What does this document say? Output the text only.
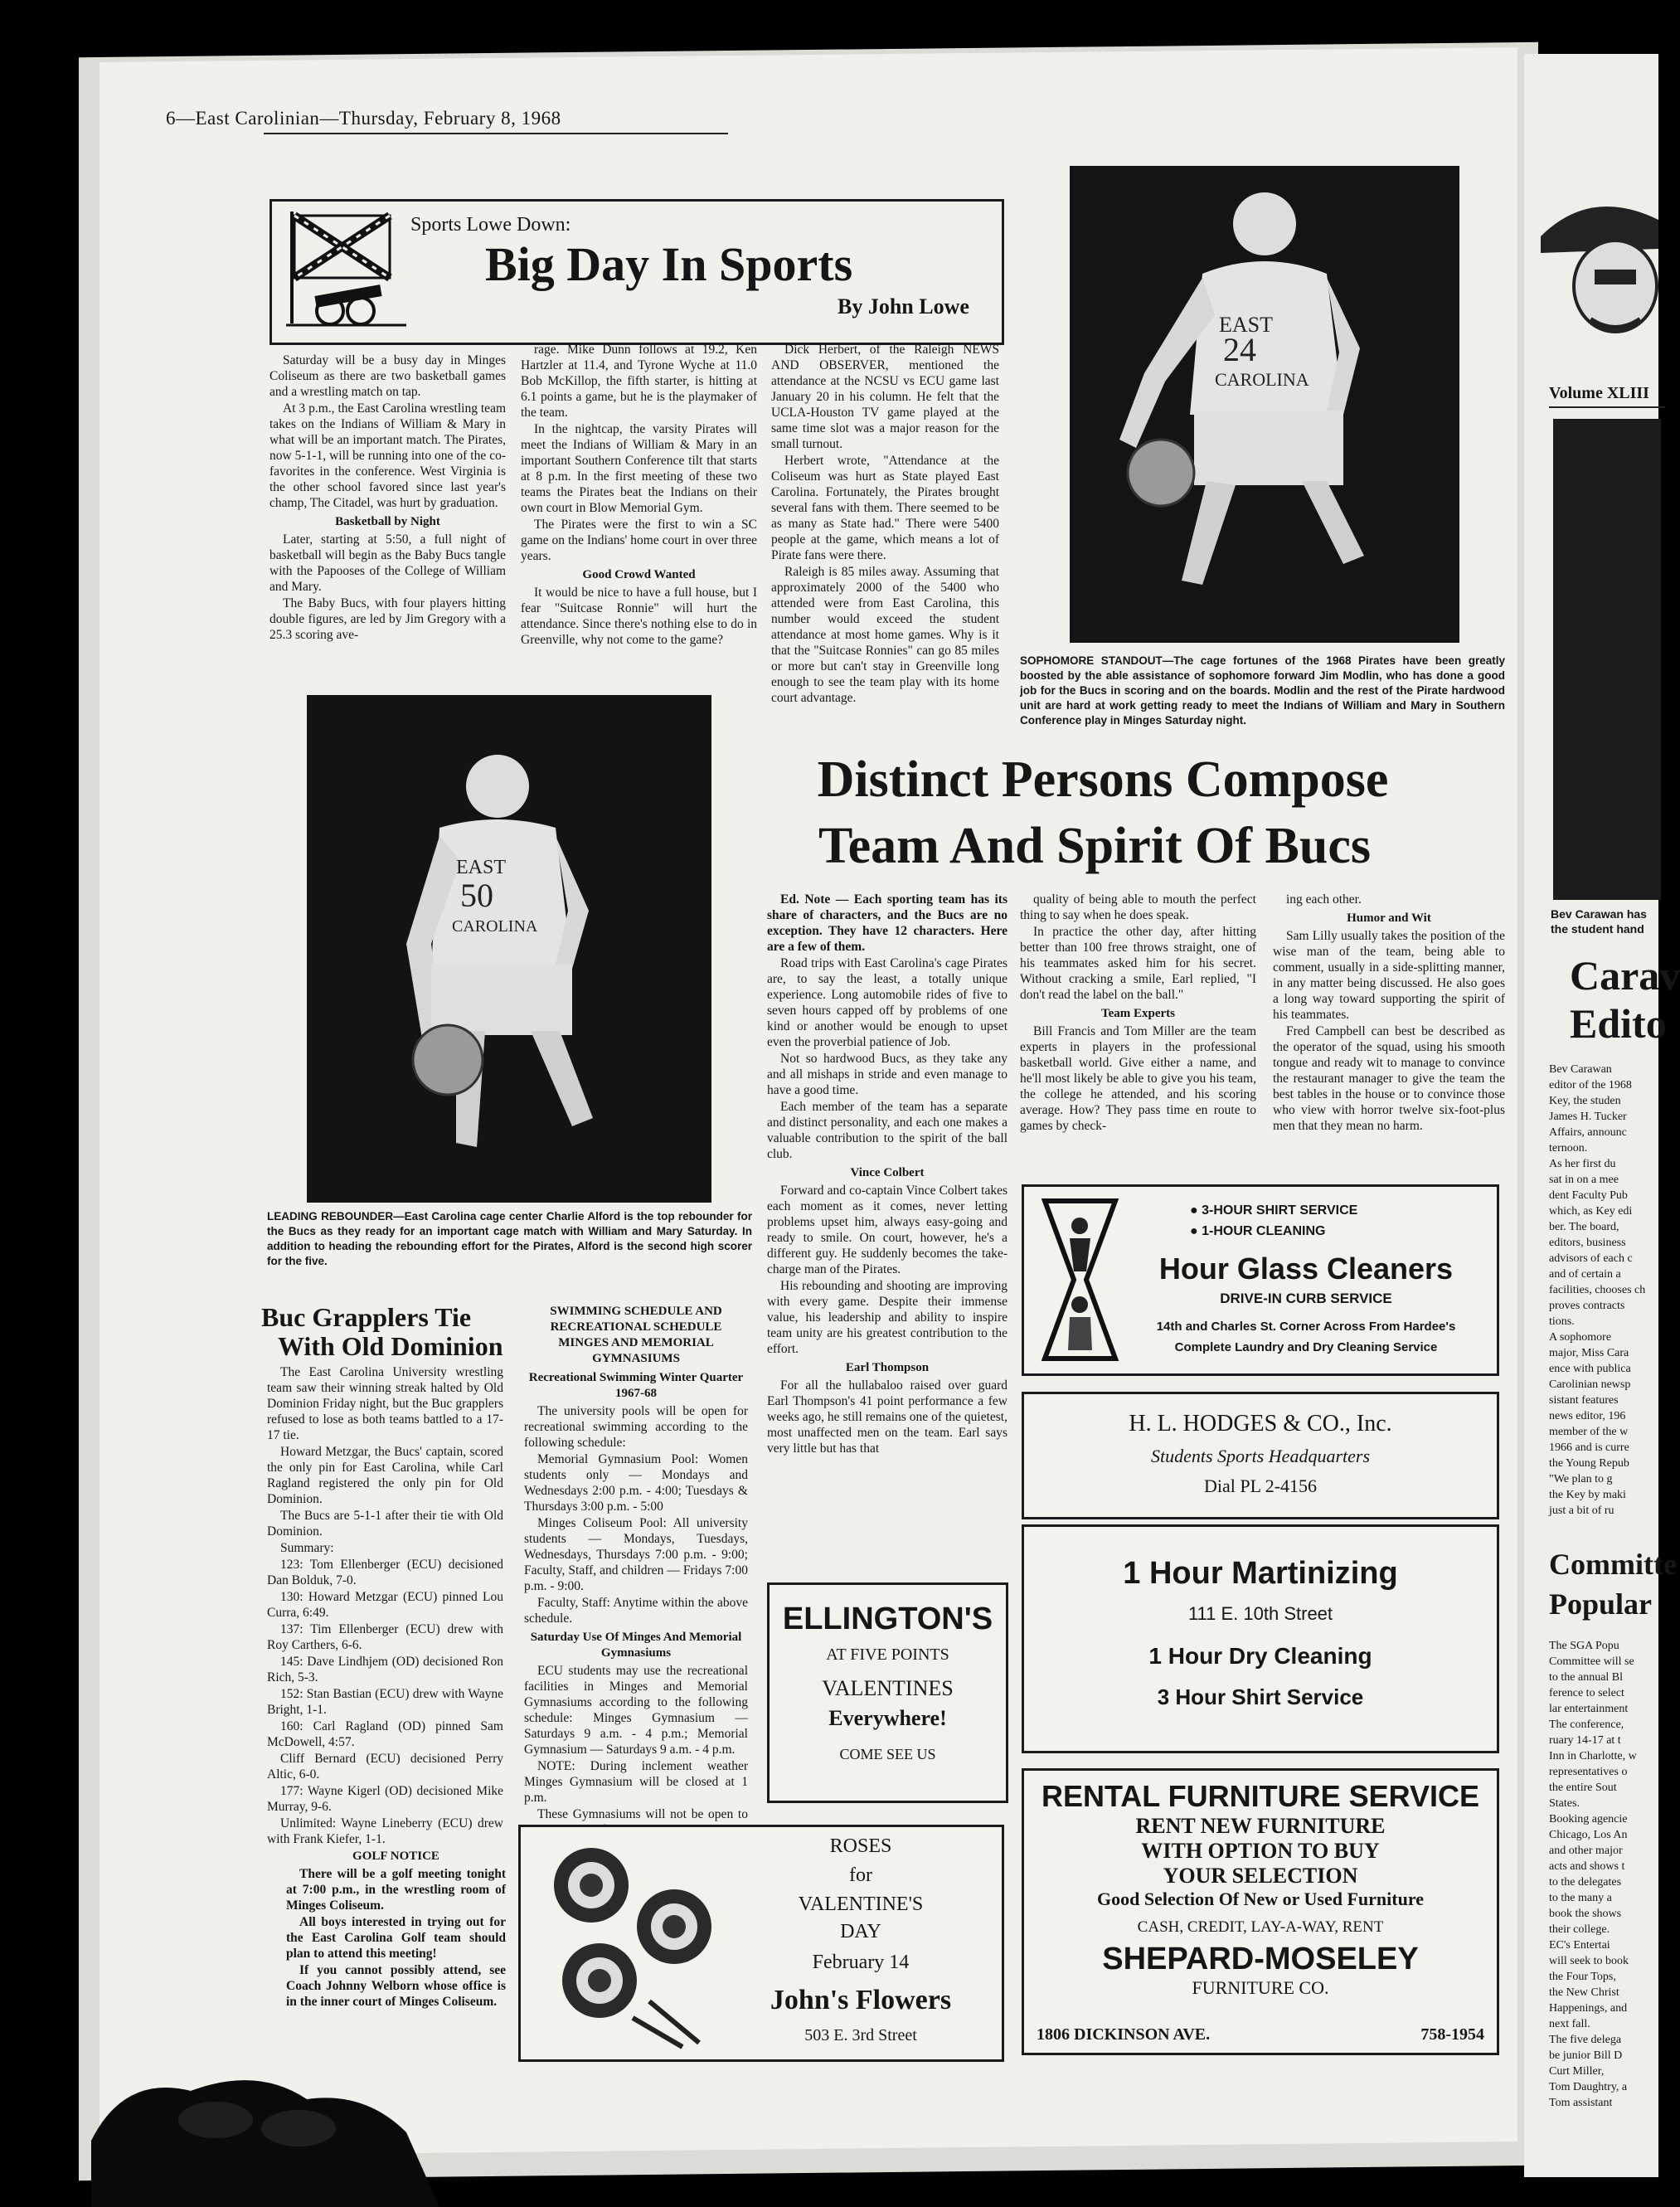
6—East Carolinian—Thursday, February 8, 1968
Sports Lowe Down:
Big Day In Sports
By John Lowe

Saturday will be a busy day in Minges Coliseum as there are two basketball games and a wrestling match on tap.

At 3 p.m., the East Carolina wrestling team takes on the Indians of William & Mary in what will be an important match. The Pirates, now 5-1-1, will be running into one of the co-favorites in the conference. West Virginia is the other school favored since last year's champ, The Citadel, was hurt by graduation.

Basketball by Night

Later, starting at 5:50, a full night of basketball will begin as the Baby Bucs tangle with the Papooses of the College of William and Mary.

The Baby Bucs, with four players hitting double figures, are led by Jim Gregory with a 25.3 scoring ave-

rage. Mike Dunn follows at 19.2, Ken Hartzler at 11.4, and Tyrone Wyche at 11.0 Bob McKillop, the fifth starter, is hitting at 6.1 points a game, but he is the playmaker of the team.

In the nightcap, the varsity Pirates will meet the Indians of William & Mary in an important Southern Conference tilt that starts at 8 p.m. In the first meeting of these two teams the Pirates beat the Indians on their own court in Blow Memorial Gym.

The Pirates were the first to win a SC game on the Indians' home court in over three years.

Good Crowd Wanted

It would be nice to have a full house, but I fear "Suitcase Ronnie" will hurt the attendance. Since there's nothing else to do in Greenville, why not come to the game?

Dick Herbert, of the Raleigh NEWS AND OBSERVER, mentioned the attendance at the NCSU vs ECU game last January 20 in his column. He felt that the UCLA-Houston TV game played at the same time slot was a major reason for the small turnout.

Herbert wrote, "Attendance at the Coliseum was hurt as State played East Carolina. Fortunately, the Pirates brought several fans with them. There seemed to be as many as State had." There were 5400 people at the game, which means a lot of Pirate fans were there.

Raleigh is 85 miles away. Assuming that approximately 2000 of the 5400 who attended were from East Carolina, this number would exceed the student attendance at most home games. Why is it that the "Suitcase Ronnies" can go 85 miles or more but can't stay in Greenville long enough to see the team play with its home court advantage.

EAST
24
CAROLINA
SOPHOMORE STANDOUT—The cage fortunes of the 1968 Pirates have been greatly boosted by the able assistance of sophomore forward Jim Modlin, who has done a good job for the Bucs in scoring and on the boards. Modlin and the rest of the Pirate hardwood unit are hard at work getting ready to meet the Indians of William and Mary in Southern Conference play in Minges Saturday night.
EAST
50
CAROLINA
LEADING REBOUNDER—East Carolina cage center Charlie Alford is the top rebounder for the Bucs as they ready for an important cage match with William and Mary Saturday. In addition to heading the rebounding effort for the Pirates, Alford is the second high scorer for the five.
Distinct Persons Compose
Team And Spirit Of Bucs

Ed. Note — Each sporting team has its share of characters, and the Bucs are no exception. They have 12 characters. Here are a few of them.

Road trips with East Carolina's cage Pirates are, to say the least, a totally unique experience. Long automobile rides of five to seven hours capped off by problems of one kind or another would be enough to upset even the proverbial patience of Job.

Not so hardwood Bucs, as they take any and all mishaps in stride and even manage to have a good time.

Each member of the team has a separate and distinct personality, and each one makes a valuable contribution to the spirit of the ball club.

Vince Colbert

Forward and co-captain Vince Colbert takes each moment as it comes, never letting problems upset him, always easy-going and ready to smile. On court, however, he's a different guy. He suddenly becomes the take-charge man of the Pirates.

His rebounding and shooting are improving with every game. Despite their immense value, his leadership and ability to inspire team unity are his greatest contribution to the effort.

Earl Thompson

For all the hullabaloo raised over guard Earl Thompson's 41 point performance a few weeks ago, he still remains one of the quietest, most unaffected men on the team. Earl says very little but has that

quality of being able to mouth the perfect thing to say when he does speak.

In practice the other day, after hitting better than 100 free throws straight, one of his teammates asked him for his secret. Without cracking a smile, Earl replied, "I don't read the label on the ball."

Team Experts

Bill Francis and Tom Miller are the team experts in players in the professional basketball world. Give either a name, and he'll most likely be able to give you his team, the college he attended, and his scoring average. How? They pass time en route to games by check-

ing each other.

Humor and Wit

Sam Lilly usually takes the position of the wise man of the team, being able to comment, usually in a side-splitting manner, in any matter being discussed. He also goes a long way toward supporting the spirit of his teammates.

Fred Campbell can best be described as the operator of the squad, using his smooth tongue and ready wit to manage to convince the restaurant manager to give the team the best tables in the house or to convince those who view with horror twelve six-foot-plus men that they mean no harm.

Buc Grapplers Tie
With Old Dominion

The East Carolina University wrestling team saw their winning streak halted by Old Dominion Friday night, but the Buc grapplers refused to lose as both teams battled to a 17-17 tie.

Howard Metzgar, the Bucs' captain, scored the only pin for East Carolina, while Carl Ragland registered the only pin for Old Dominion.

The Bucs are 5-1-1 after their tie with Old Dominion.

Summary:

123: Tom Ellenberger (ECU) decisioned Dan Bolduk, 7-0.

130: Howard Metzgar (ECU) pinned Lou Curra, 6:49.

137: Tim Ellenberger (ECU) drew with Roy Carthers, 6-6.

145: Dave Lindhjem (OD) decisioned Ron Rich, 5-3.

152: Stan Bastian (ECU) drew with Wayne Bright, 1-1.

160: Carl Ragland (OD) pinned Sam McDowell, 4:57.

Cliff Bernard (ECU) decisioned Perry Altic, 6-0.

177: Wayne Kigerl (OD) decisioned Mike Murray, 9-6.

Unlimited: Wayne Lineberry (ECU) drew with Frank Kiefer, 1-1.

GOLF NOTICE

There will be a golf meeting tonight at 7:00 p.m., in the wrestling room of Minges Coliseum.

All boys interested in trying out for the East Carolina Golf team should plan to attend this meeting!

If you cannot possibly attend, see Coach Johnny Welborn whose office is in the inner court of Minges Coliseum.

SWIMMING SCHEDULE AND RECREATIONAL SCHEDULE MINGES AND MEMORIAL GYMNASIUMS
Recreational Swimming Winter Quarter 1967-68

The university pools will be open for recreational swimming according to the following schedule:

Memorial Gymnasium Pool: Women students only — Mondays and Wednesdays 2:00 p.m. - 4:00; Tuesdays & Thursdays 3:00 p.m. - 5:00

Minges Coliseum Pool: All university students — Mondays, Tuesdays, Wednesdays, Thursdays 7:00 p.m. - 9:00; Faculty, Staff, and children — Fridays 7:00 p.m. - 9:00.

Faculty, Staff: Anytime within the above schedule.

Saturday Use Of Minges And Memorial Gymnasiums

ECU students may use the recreational facilities in Minges and Memorial Gymnasiums according to the following schedule: Minges Gymnasium — Saturdays 9 a.m. - 4 p.m.; Memorial Gymnasium — Saturdays 9 a.m. - 4 p.m.

NOTE: During inclement weather Minges Gymnasium will be closed at 1 p.m.

These Gymnasiums will not be open to

ELLINGTON'S
AT FIVE POINTS
VALENTINES
Everywhere!
COME SEE US
ROSES
for
VALENTINE'S
DAY
February 14
John's Flowers
503 E. 3rd Street
● 3-HOUR SHIRT SERVICE
● 1-HOUR CLEANING
Hour Glass Cleaners
DRIVE-IN CURB SERVICE
14th and Charles St. Corner Across From Hardee's
Complete Laundry and Dry Cleaning Service
H. L. HODGES & CO., Inc.
Students Sports Headquarters
Dial PL 2-4156
1 Hour Martinizing
111 E. 10th Street
1 Hour Dry Cleaning
3 Hour Shirt Service
RENTAL FURNITURE SERVICE
RENT NEW FURNITURE
WITH OPTION TO BUY
YOUR SELECTION
Good Selection Of New or Used Furniture
CASH, CREDIT, LAY-A-WAY, RENT
SHEPARD-MOSELEY
FURNITURE CO.
1806 DICKINSON AVE.	758-1954
Volume XLIII
Bev Carawan has
the student hand
Carav
Edito
Bev Carawan
editor of the 1968
Key, the studen
James H. Tucker
Affairs, announc
ternoon.
As her first du
sat in on a mee
dent Faculty Pub
which, as Key edi
ber. The board,
editors, business
advisors of each c
and of certain a
facilities, chooses ch
proves contracts
tions.
A sophomore
major, Miss Cara
ence with publica
Carolinian newsp
sistant features
news editor, 196
member of the w
1966 and is curre
the Young Repub
"We plan to g
the Key by maki
just a bit of ru
Committe
Popular
The SGA Popu
Committee will se
to the annual Bl
ference to select
lar entertainment
The conference,
ruary 14-17 at t
Inn in Charlotte, w
representatives o
the entire Sout
States.
Booking agencie
Chicago, Los An
and other major
acts and shows t
to the delegates
to the many a
book the shows
their college.
EC's Entertai
will seek to book
the Four Tops,
the New Christ
Happenings, and
next fall.
The five delega
be junior Bill D
Curt Miller,
Tom Daughtry, a
Tom assistant
